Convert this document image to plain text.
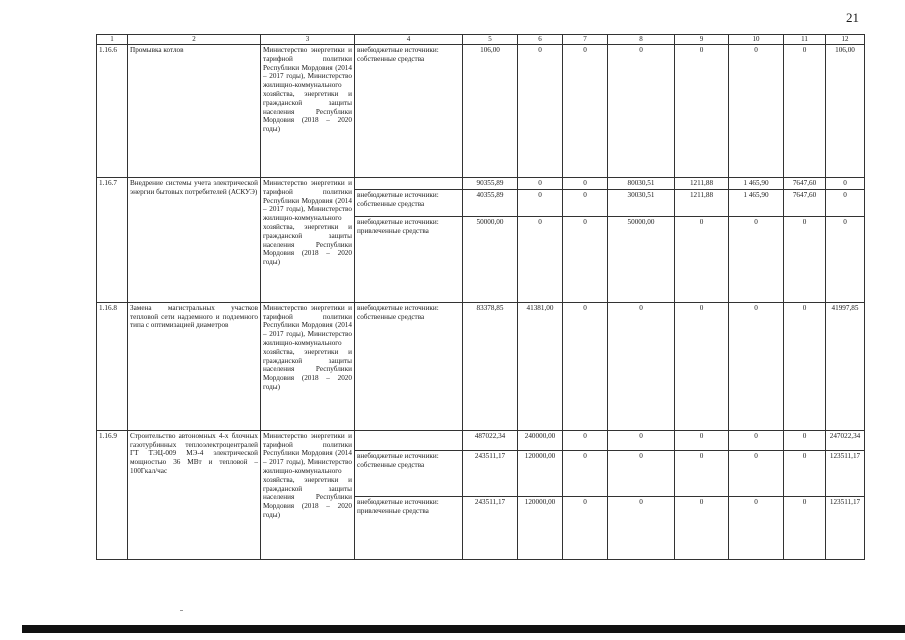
21
1	2	3	4	5	6	7	8	9	10	11	12
1.16.6	Промывка котлов	Министерство энергетики и тарифной политики Республики Мордовия (2014 – 2017 годы), Министерство жилищно-коммунального хозяйства, энергетики и гражданской защиты населения Республики Мордовия (2018 – 2020 годы)	внебюджетные источники: собственные средства	106,00	0	0	0	0	0	0	106,00
1.16.7	Внедрение системы учета электрической энергии бытовых потребителей (АСКУЭ)	Министерство энергетики и тарифной политики Республики Мордовия (2014 – 2017 годы), Министерство жилищно-коммунального хозяйства, энергетики и гражданской защиты населения Республики Мордовия (2018 – 2020 годы)		90355,89	0	0	80030,51	1211,88	1 465,90	7647,60	0
			внебюджетные источники: собственные средства	40355,89	0	0	30030,51	1211,88	1 465,90	7647,60	0
			внебюджетные источники: привлеченные средства	50000,00	0	0	50000,00	0	0	0	0
1.16.8	Замена магистральных участков тепловой сети надземного и подземного типа с оптимизацией диаметров	Министерство энергетики и тарифной политики Республики Мордовия (2014 – 2017 годы), Министерство жилищно-коммунального хозяйства, энергетики и гражданской защиты населения Республики Мордовия (2018 – 2020 годы)	внебюджетные источники: собственные средства	83378,85	41381,00	0	0	0	0	0	41997,85
1.16.9	Строительство автономных 4-х блочных газотурбинных теплоэлектроцентралей ГТ ТЭЦ-009 МЭ-4 электрической мощностью 36 МВт и тепловой – 100Гкал/час	Министерство энергетики и тарифной политики Республики Мордовия (2014 – 2017 годы), Министерство жилищно-коммунального хозяйства, энергетики и гражданской защиты населения Республики Мордовия (2018 – 2020 годы)		487022,34	240000,00	0	0	0	0	0	247022,34
			внебюджетные источники: собственные средства	243511,17	120000,00	0	0	0	0	0	123511,17
			внебюджетные источники: привлеченные средства	243511,17	120000,00	0	0	0	0	0	123511,17
